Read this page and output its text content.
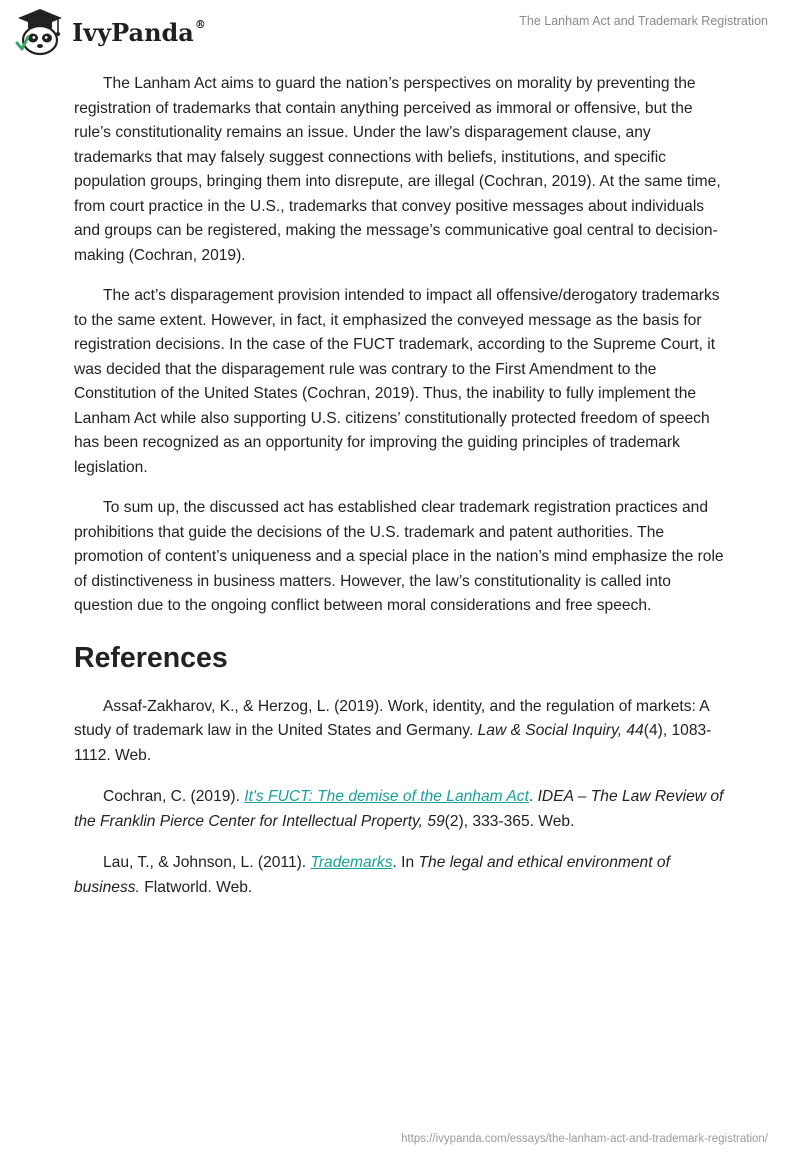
IvyPanda®	The Lanham Act and Trademark Registration

The Lanham Act aims to guard the nation’s perspectives on morality by preventing the registration of trademarks that contain anything perceived as immoral or offensive, but the rule’s constitutionality remains an issue. Under the law’s disparagement clause, any trademarks that may falsely suggest connections with beliefs, institutions, and specific population groups, bringing them into disrepute, are illegal (Cochran, 2019). At the same time, from court practice in the U.S., trademarks that convey positive messages about individuals and groups can be registered, making the message’s communicative goal central to decision-making (Cochran, 2019).

The act’s disparagement provision intended to impact all offensive/derogatory trademarks to the same extent. However, in fact, it emphasized the conveyed message as the basis for registration decisions. In the case of the FUCT trademark, according to the Supreme Court, it was decided that the disparagement rule was contrary to the First Amendment to the Constitution of the United States (Cochran, 2019). Thus, the inability to fully implement the Lanham Act while also supporting U.S. citizens’ constitutionally protected freedom of speech has been recognized as an opportunity for improving the guiding principles of trademark legislation.

To sum up, the discussed act has established clear trademark registration practices and prohibitions that guide the decisions of the U.S. trademark and patent authorities. The promotion of content’s uniqueness and a special place in the nation’s mind emphasize the role of distinctiveness in business matters. However, the law’s constitutionality is called into question due to the ongoing conflict between moral considerations and free speech.

References

Assaf-Zakharov, K., & Herzog, L. (2019). Work, identity, and the regulation of markets: A study of trademark law in the United States and Germany. Law & Social Inquiry, 44(4), 1083-1112. Web.

Cochran, C. (2019). It's FUCT: The demise of the Lanham Act. IDEA – The Law Review of the Franklin Pierce Center for Intellectual Property, 59(2), 333-365. Web.

Lau, T., & Johnson, L. (2011). Trademarks. In The legal and ethical environment of business. Flatworld. Web.

https://ivypanda.com/essays/the-lanham-act-and-trademark-registration/
